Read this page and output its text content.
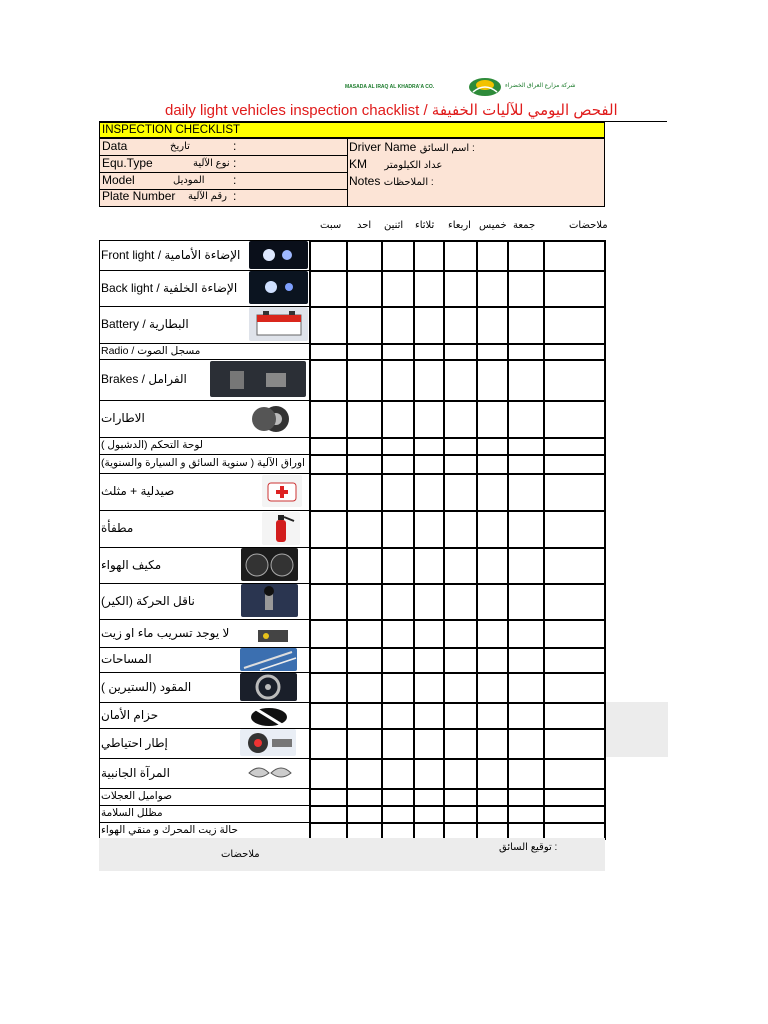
MASADA AL IRAQ AL KHADRA'A CO.	شركة مزارع العراق الخضراء
daily light vehicles inspection chacklist / الفحص اليومي للآليات الخفيفة
INSPECTION CHECKLIST
Data	تاريخ	:
Equ.Type	نوع الآلية :
Model	الموديل :
Plate Number رقم الآلية :
Driver Name اسم السائق :
KM عداد الكيلومتر
Notes الملاحظات :
سبت احد اثنين ثلاثاء اربعاء خميس جمعة	ملاحضات
Front light / الإضاءة الأمامية
Back light / الإضاءة الخلفية
Battery / البطارية
Radio / مسجل الصوت
Brakes / الفرامل
الاطارات
لوحة التحكم (الدشبول )
اوراق الآلية ( سنوية السائق و السيارة والسنوية)
صيدلية + مثلث
مطفأة
مكيف الهواء
ناقل الحركة (الكير)
لا يوجد تسريب ماء او زيت
المساحات
المقود (الستيرين )
حزام الأمان
إطار احتياطي
المرآة الجانبية
صواميل العجلات
مظلل السلامة
حالة زيت المحرك و منقي الهواء
ملاحضات
توقيع السائق :
